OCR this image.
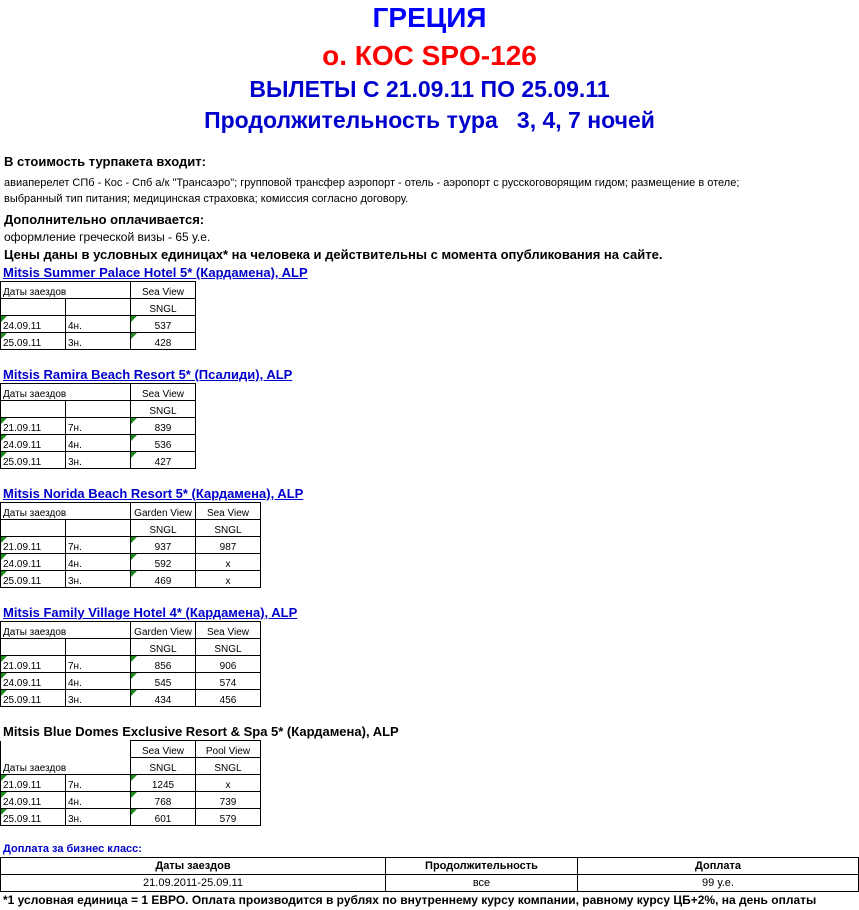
ГРЕЦИЯ
о. КОС SPO-126
ВЫЛЕТЫ С 21.09.11 ПО 25.09.11
Продолжительность тура   3, 4, 7 ночей
В стоимость турпакета входит:
авиаперелет СПб - Кос - Спб а/к "Трансаэро"; групповой трансфер аэропорт - отель - аэропорт с русскоговорящим гидом; размещение в отеле;
выбранный тип питания; медицинская страховка; комиссия согласно договору.
Дополнительно оплачивается:
оформление греческой визы - 65 у.е.
Цены даны в условных единицах* на человека и действительны с момента опубликования на сайте.
Mitsis Summer Palace Hotel 5* (Кардамена), ALP
Даты заездов		Sea View
		SNGL

24.09.11	4н.	537

25.09.11	3н.	428
Mitsis Ramira Beach Resort 5* (Псалиди), ALP
Даты заездов		Sea View
		SNGL

21.09.11	7н.	839

24.09.11	4н.	536

25.09.11	3н.	427
Mitsis Norida Beach Resort 5* (Кардамена), ALP
Даты заездов		Garden View	Sea View
		SNGL	SNGL

21.09.11	7н.	937	987

24.09.11	4н.	592	x

25.09.11	3н.	469	x
Mitsis Family Village Hotel 4* (Кардамена), ALP
Даты заездов		Garden View	Sea View
		SNGL	SNGL

21.09.11	7н.	856	906

24.09.11	4н.	545	574

25.09.11	3н.	434	456
Mitsis Blue Domes Exclusive Resort & Spa 5* (Кардамена), ALP
		Sea View	Pool View
Даты заездов		SNGL	SNGL

21.09.11	7н.	1245	x

24.09.11	4н.	768	739

25.09.11	3н.	601	579
Доплата за бизнес класс:
Даты заездов	Продолжительность	Доплата
21.09.2011-25.09.11	все	99 у.е.
*1 условная единица = 1 ЕВРО. Оплата производится в рублях по внутреннему курсу компании, равному курсу ЦБ+2%, на день оплаты
